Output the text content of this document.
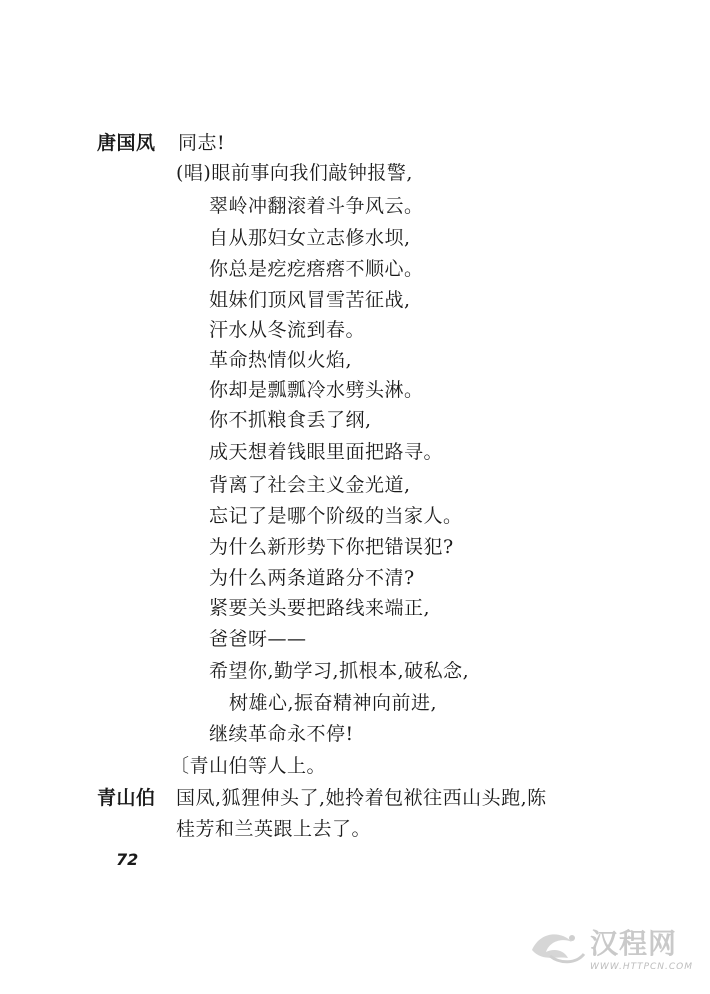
唐国凤 同志!
(唱)眼前事向我们敲钟报警,
翠岭冲翻滚着斗争风云。
自从那妇女立志修水坝,
你总是疙疙瘩瘩不顺心。
姐妹们顶风冒雪苦征战,
汗水从冬流到春。
革命热情似火焰,
你却是瓢瓢冷水劈头淋。
你不抓粮食丢了纲,
成天想着钱眼里面把路寻。
背离了社会主义金光道,
忘记了是哪个阶级的当家人。
为什么新形势下你把错误犯?
为什么两条道路分不清?
紧要关头要把路线来端正,
爸爸呀——
希望你,勤学习,抓根本,破私念,
树雄心,振奋精神向前进,
继续革命永不停!
〔青山伯等人上。
青山伯 国凤,狐狸伸头了,她拎着包袱往西山头跑,陈
桂芳和兰英跟上去了。
72
汉程网
WWW.HTTPCN.COM
